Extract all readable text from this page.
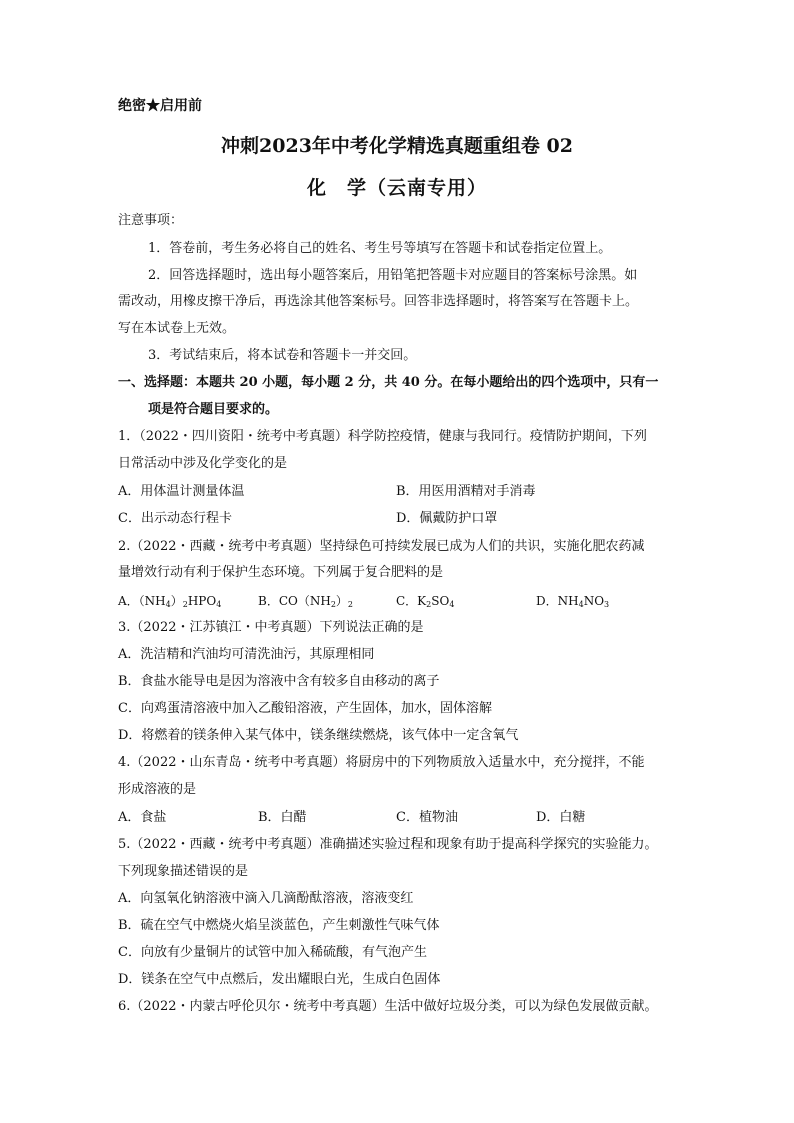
绝密★启用前
冲刺2023年中考化学精选真题重组卷 02
化　学（云南专用）
注意事项：
1．答卷前，考生务必将自己的姓名、考生号等填写在答题卡和试卷指定位置上。
2．回答选择题时，选出每小题答案后，用铅笔把答题卡对应题目的答案标号涂黑。如
需改动，用橡皮擦干净后，再选涂其他答案标号。回答非选择题时，将答案写在答题卡上。
写在本试卷上无效。
3．考试结束后，将本试卷和答题卡一并交回。
一、选择题：本题共 20 小题，每小题 2 分，共 40 分。在每小题给出的四个选项中，只有一
项是符合题目要求的。
1．（2022・四川资阳・统考中考真题）科学防控疫情，健康与我同行。疫情防护期间，下列
日常活动中涉及化学变化的是
A．用体温计测量体温	B．用医用酒精对手消毒
C．出示动态行程卡	D．佩戴防护口罩
2.（2022・西藏・统考中考真题）坚持绿色可持续发展已成为人们的共识，实施化肥农药减
量增效行动有利于保护生态环境。下列属于复合肥料的是
A．$(NH_4)_2HPO_4$	B．$CO(NH_2)_2$	C．$K_2SO_4$	D．$NH_4NO_3$
3.（2022・江苏镇江・中考真题）下列说法正确的是
A．洗洁精和汽油均可清洗油污，其原理相同
B．食盐水能导电是因为溶液中含有较多自由移动的离子
C．向鸡蛋清溶液中加入乙酸铅溶液，产生固体，加水，固体溶解
D．将燃着的镁条伸入某气体中，镁条继续燃烧，该气体中一定含氧气
4.（2022・山东青岛・统考中考真题）将厨房中的下列物质放入适量水中，充分搅拌，不能
形成溶液的是
A．食盐	B．白醋	C．植物油	D．白糖
5.（2022・西藏・统考中考真题）准确描述实验过程和现象有助于提高科学探究的实验能力。
下列现象描述错误的是
A．向氢氧化钠溶液中滴入几滴酚酞溶液，溶液变红
B．硫在空气中燃烧火焰呈淡蓝色，产生刺激性气味气体
C．向放有少量铜片的试管中加入稀硫酸，有气泡产生
D．镁条在空气中点燃后，发出耀眼白光，生成白色固体
6.（2022・内蒙古呼伦贝尔・统考中考真题）生活中做好垃圾分类，可以为绿色发展做贡献。
